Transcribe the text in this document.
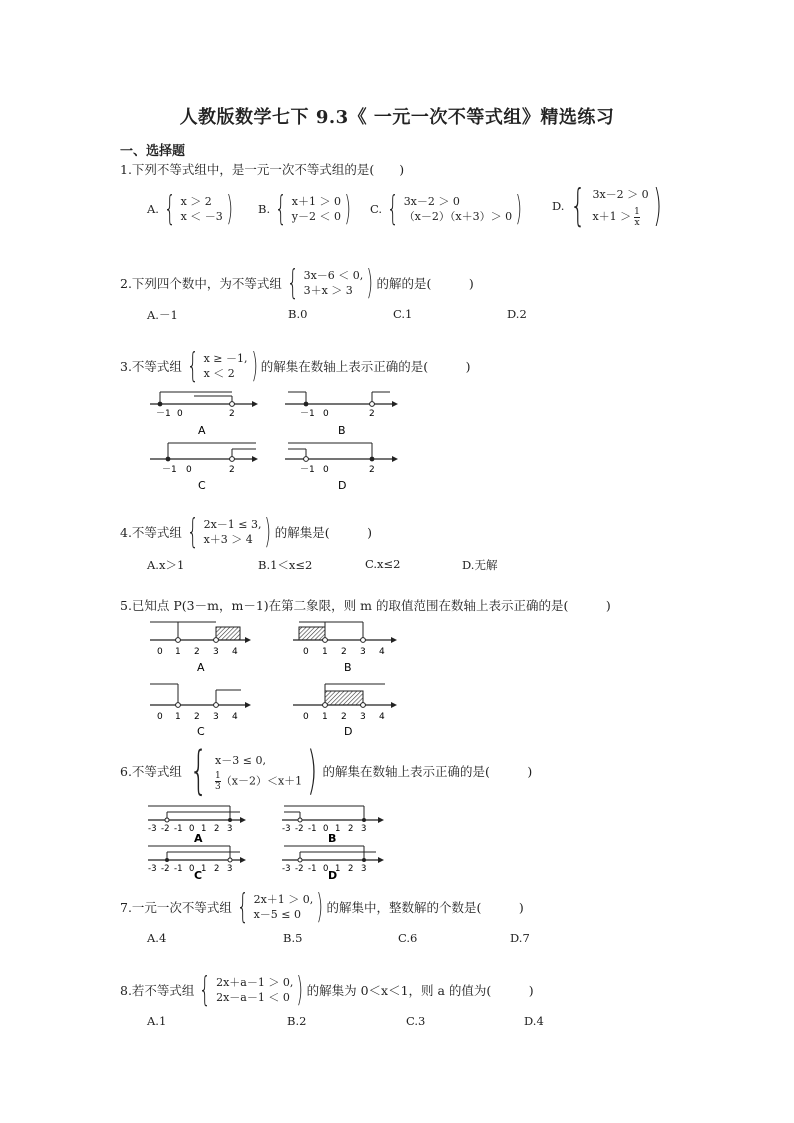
人教版数学七下 9.3《 一元一次不等式组》精选练习
一、选择题
1.下列不等式组中，是一元一次不等式组的是(　　)
A. { x ＞ 2
x ＜ －3 ) B. { x＋1 ＞ 0
y－2 ＜ 0 ) C. { 3x－2 ＞ 0
（x－2）（x＋3）＞ 0 )	D. { 3x－2 ＞ 0
$x+1 > \frac{1}{x}$ )
2.下列四个数中，为不等式组 { 3x－6 ＜ 0,
3＋x ＞ 3 ) 的解的是(　　　)
A.－1	B.0	C.1	D.2
3.不等式组 { x ≥ －1,
x ＜ 2 ) 的解集在数轴上表示正确的是(　　　)
－1 0	2
A
－1 0	2
B
－1 0	2
C
－1 0	2
D
4.不等式组 { 2x－1 ≤ 3,
x＋3 ＞ 4 ) 的解集是(　　　)
A.x＞1	B.1＜x≤2	C.x≤2	D.无解
5.已知点 P(3－m，m－1)在第二象限，则 m 的取值范围在数轴上表示正确的是(　　　)
0 1 2 3 4
A
0 1 2 3 4
B
0 1 2 3 4
C
0 1 2 3 4
D
6.不等式组 { x－3 ≤ 0,
$\frac{1}{3} (x-2)<x+1$ ) 的解集在数轴上表示正确的是(　　　)
-3 -2 -1 0 1 2 3
A
-3 -2 -1 0 1 2 3
B
-3 -2 -1 0 1 2 3
C	-3 -2 -1 0 1 2 3
D
7.一元一次不等式组 { 2x＋1 ＞ 0,
x－5 ≤ 0 ) 的解集中，整数解的个数是(　　　)
A.4	B.5	C.6	D.7
8.若不等式组 { 2x＋a－1 ＞ 0,
2x－a－1 ＜ 0 ) 的解集为 0＜x＜1，则 a 的值为(　　　)
A.1	B.2	C.3	D.4
